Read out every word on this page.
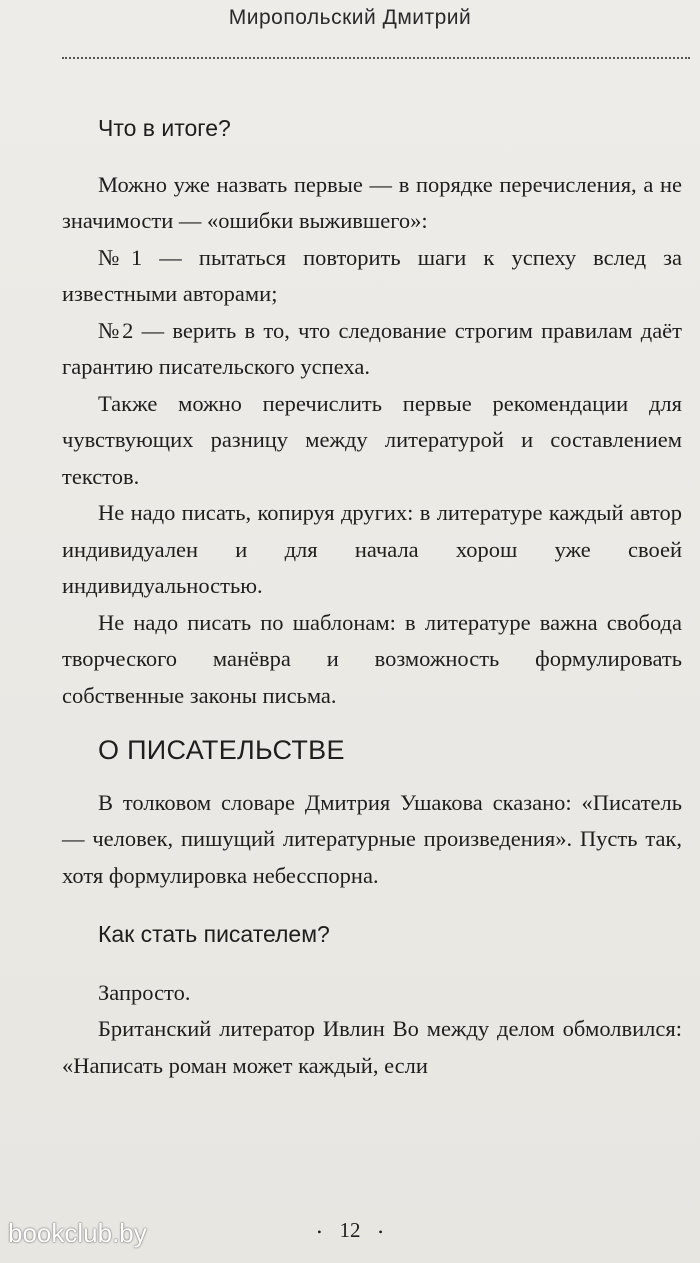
Миропольский Дмитрий
Что в итоге?

Можно уже назвать первые — в порядке перечисления, а не значимости — «ошибки выжившего»:

№1 — пытаться повторить шаги к успеху вслед за известными авторами;

№2 — верить в то, что следование строгим правилам даёт гарантию писательского успеха.

Также можно перечислить первые рекомендации для чувствующих разницу между литературой и составлением текстов.

Не надо писать, копируя других: в литературе каждый автор индивидуален и для начала хорош уже своей индивидуальностью.

Не надо писать по шаблонам: в литературе важна свобода творческого манёвра и возможность формулировать собственные законы письма.

О ПИСАТЕЛЬСТВЕ

В толковом словаре Дмитрия Ушакова сказано: «Писатель — человек, пишущий литературные произведения». Пусть так, хотя формулировка небесспорна.

Как стать писателем?

Запросто.

Британский литератор Ивлин Во между делом обмолвился: «Написать роман может каждый, если

• 12 •
bookclub.by
